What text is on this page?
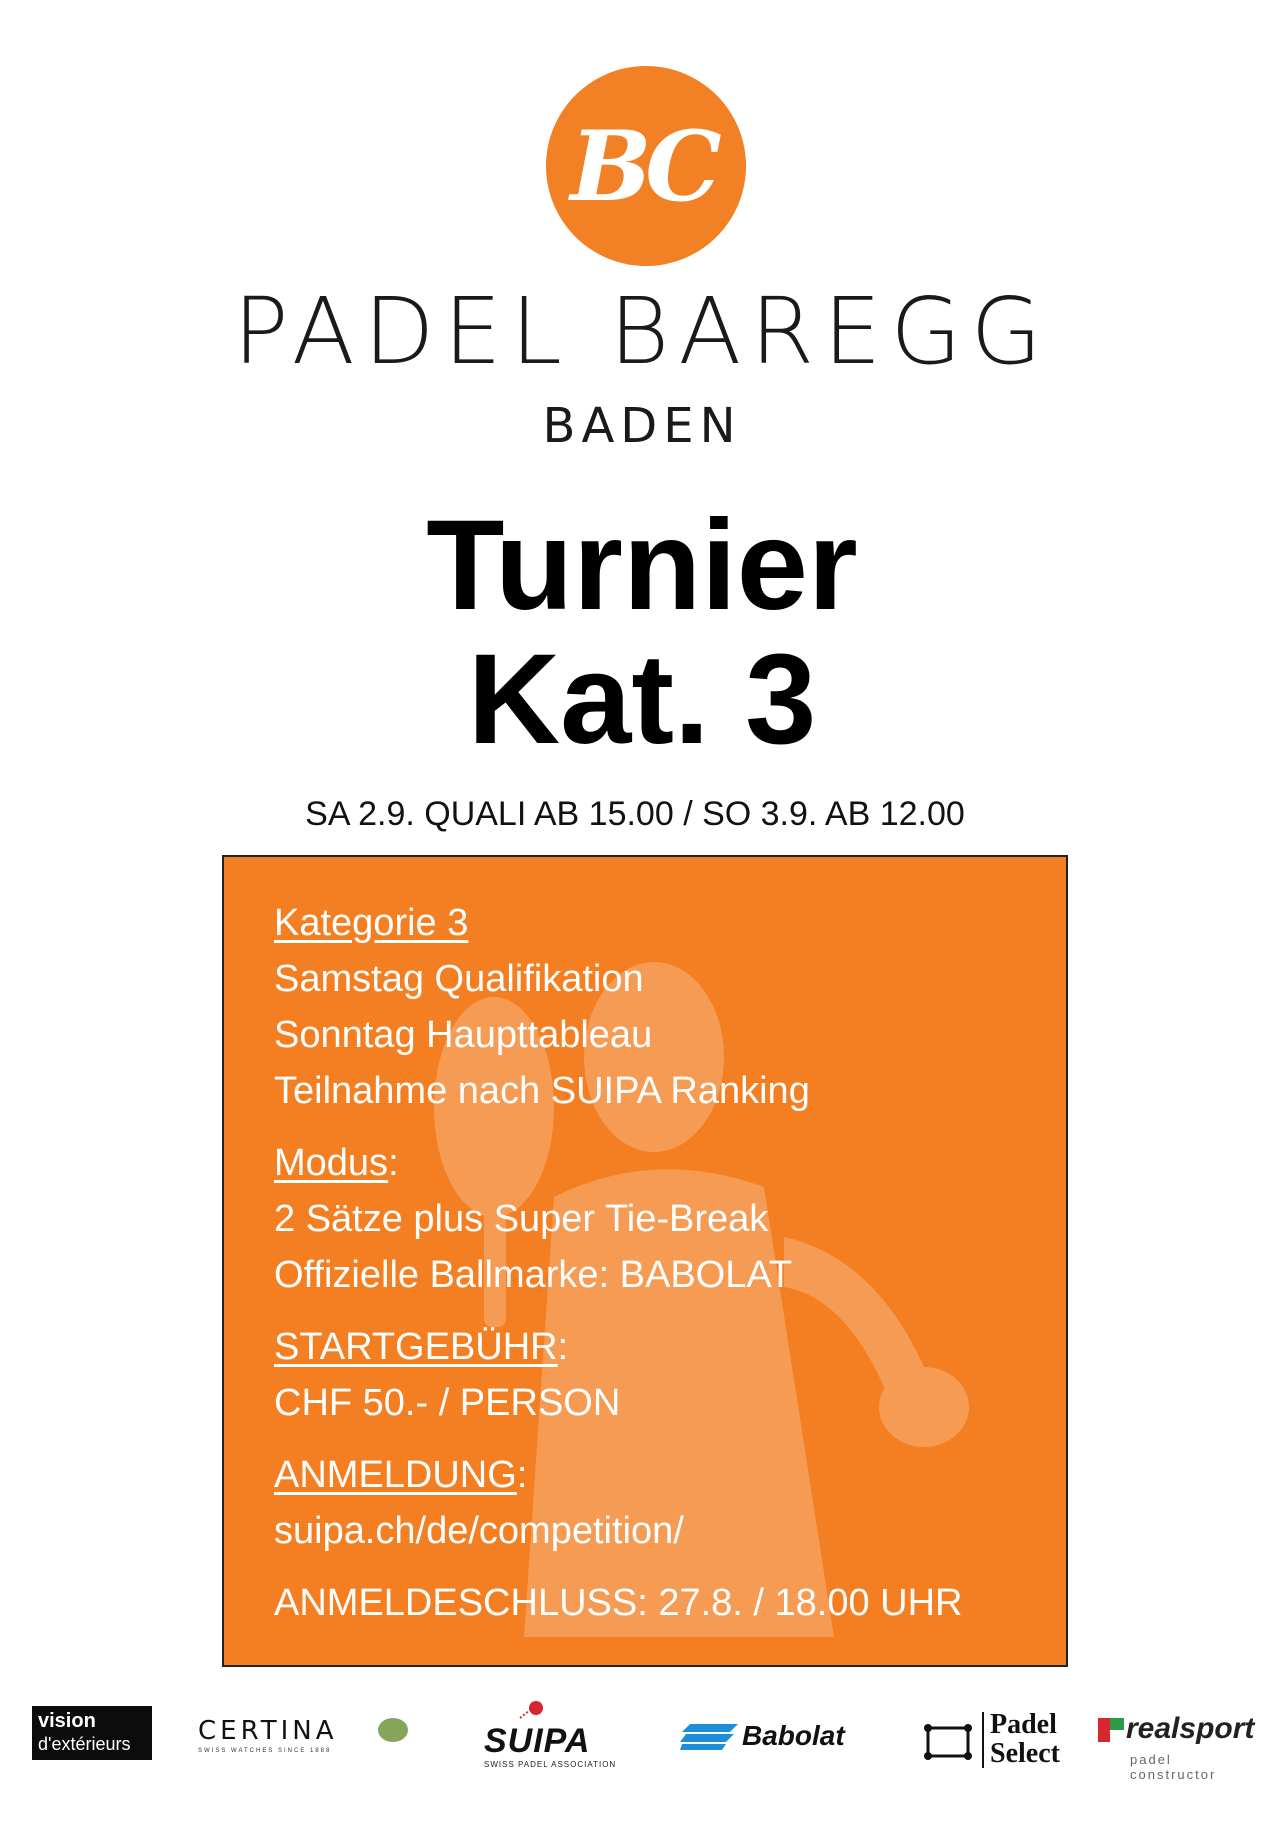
BC
PADEL BAREGG
BADEN
Turnier
Kat. 3
SA 2.9. QUALI AB 15.00 / SO 3.9. AB 12.00
Kategorie 3
Samstag Qualifikation
Sonntag Haupttableau
Teilnahme nach SUIPA Ranking
Modus:
2 Sätze plus Super Tie-Break
Offizielle Ballmarke: BABOLAT
STARTGEBÜHR:
CHF 50.- / PERSON
ANMELDUNG:
suipa.ch/de/competition/
ANMELDESCHLUSS: 27.8. / 18.00 UHR
vision
d'extérieurs	CERTINA
SWISS WATCHES SINCE 1888	SUIPA
SWISS PADEL ASSOCIATION
Babolat	Padel
Select
realsport
padel constructor
